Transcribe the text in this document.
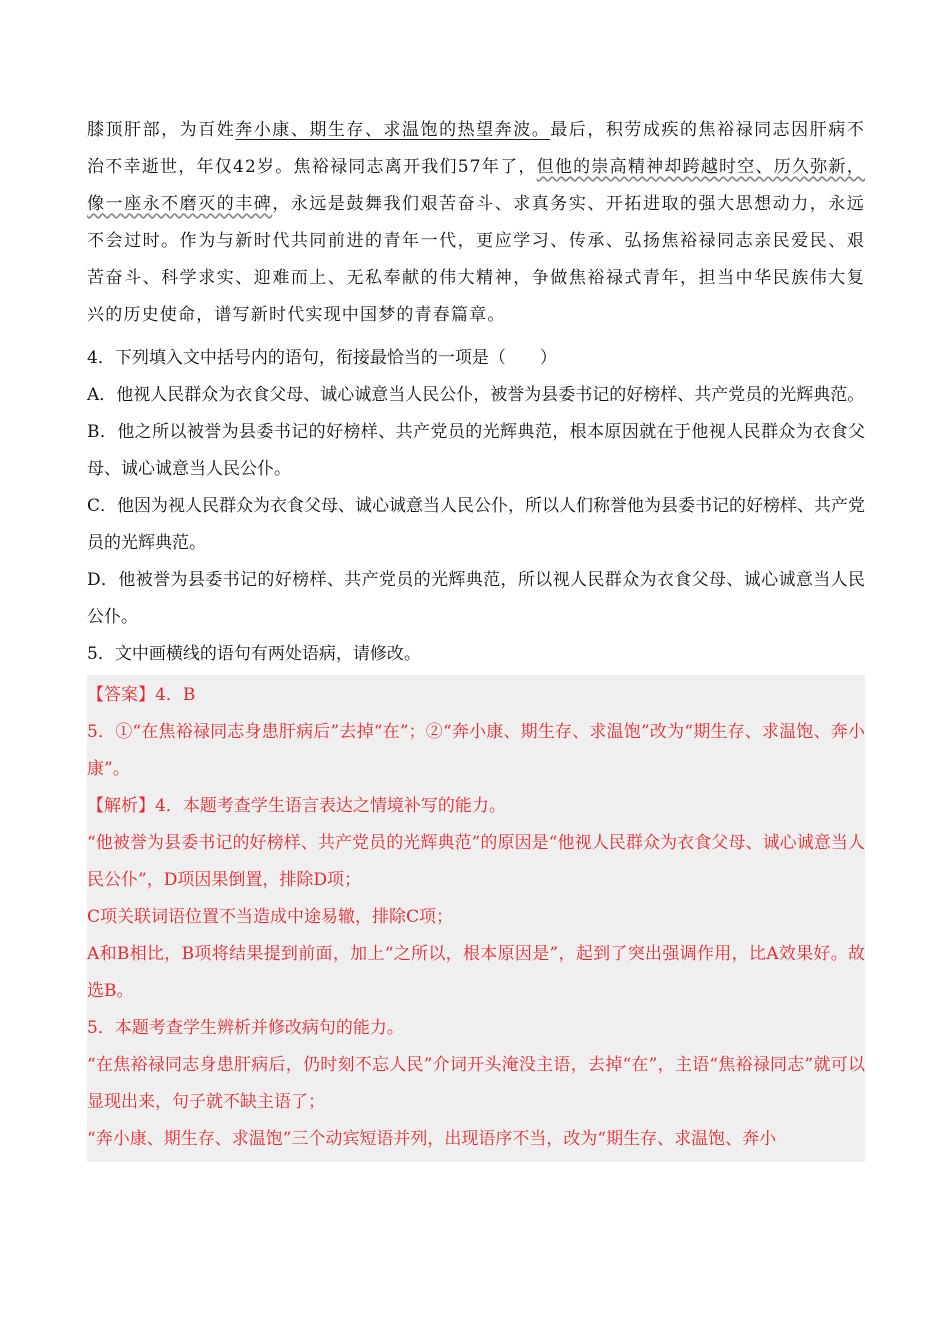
膝顶肝部，为百姓奔小康、期生存、求温饱的热望奔波。最后，积劳成疾的焦裕禄同志因肝病不治不幸逝世，年仅42岁。焦裕禄同志离开我们57年了，但他的崇高精神却跨越时空、历久弥新，像一座永不磨灭的丰碑，永远是鼓舞我们艰苦奋斗、求真务实、开拓进取的强大思想动力，永远不会过时。作为与新时代共同前进的青年一代，更应学习、传承、弘扬焦裕禄同志亲民爱民、艰苦奋斗、科学求实、迎难而上、无私奉献的伟大精神，争做焦裕禄式青年，担当中华民族伟大复兴的历史使命，谱写新时代实现中国梦的青春篇章。

4．下列填入文中括号内的语句，衔接最恰当的一项是（　　）

A．他视人民群众为衣食父母、诚心诚意当人民公仆，被誉为县委书记的好榜样、共产党员的光辉典范。

B．他之所以被誉为县委书记的好榜样、共产党员的光辉典范，根本原因就在于他视人民群众为衣食父母、诚心诚意当人民公仆。

C．他因为视人民群众为衣食父母、诚心诚意当人民公仆，所以人们称誉他为县委书记的好榜样、共产党员的光辉典范。

D．他被誉为县委书记的好榜样、共产党员的光辉典范，所以视人民群众为衣食父母、诚心诚意当人民公仆。

5．文中画横线的语句有两处语病，请修改。

【答案】4．B

5．①“在焦裕禄同志身患肝病后”去掉“在”；②“奔小康、期生存、求温饱”改为“期生存、求温饱、奔小康”。

【解析】4．本题考查学生语言表达之情境补写的能力。

“他被誉为县委书记的好榜样、共产党员的光辉典范”的原因是“他视人民群众为衣食父母、诚心诚意当人民公仆”，D项因果倒置，排除D项；

C项关联词语位置不当造成中途易辙，排除C项；

A和B相比，B项将结果提到前面，加上“之所以，根本原因是”，起到了突出强调作用，比A效果好。故选B。

5．本题考查学生辨析并修改病句的能力。

“在焦裕禄同志身患肝病后，仍时刻不忘人民”介词开头淹没主语，去掉“在”，主语“焦裕禄同志”就可以显现出来，句子就不缺主语了；

“奔小康、期生存、求温饱”三个动宾短语并列，出现语序不当，改为“期生存、求温饱、奔小
